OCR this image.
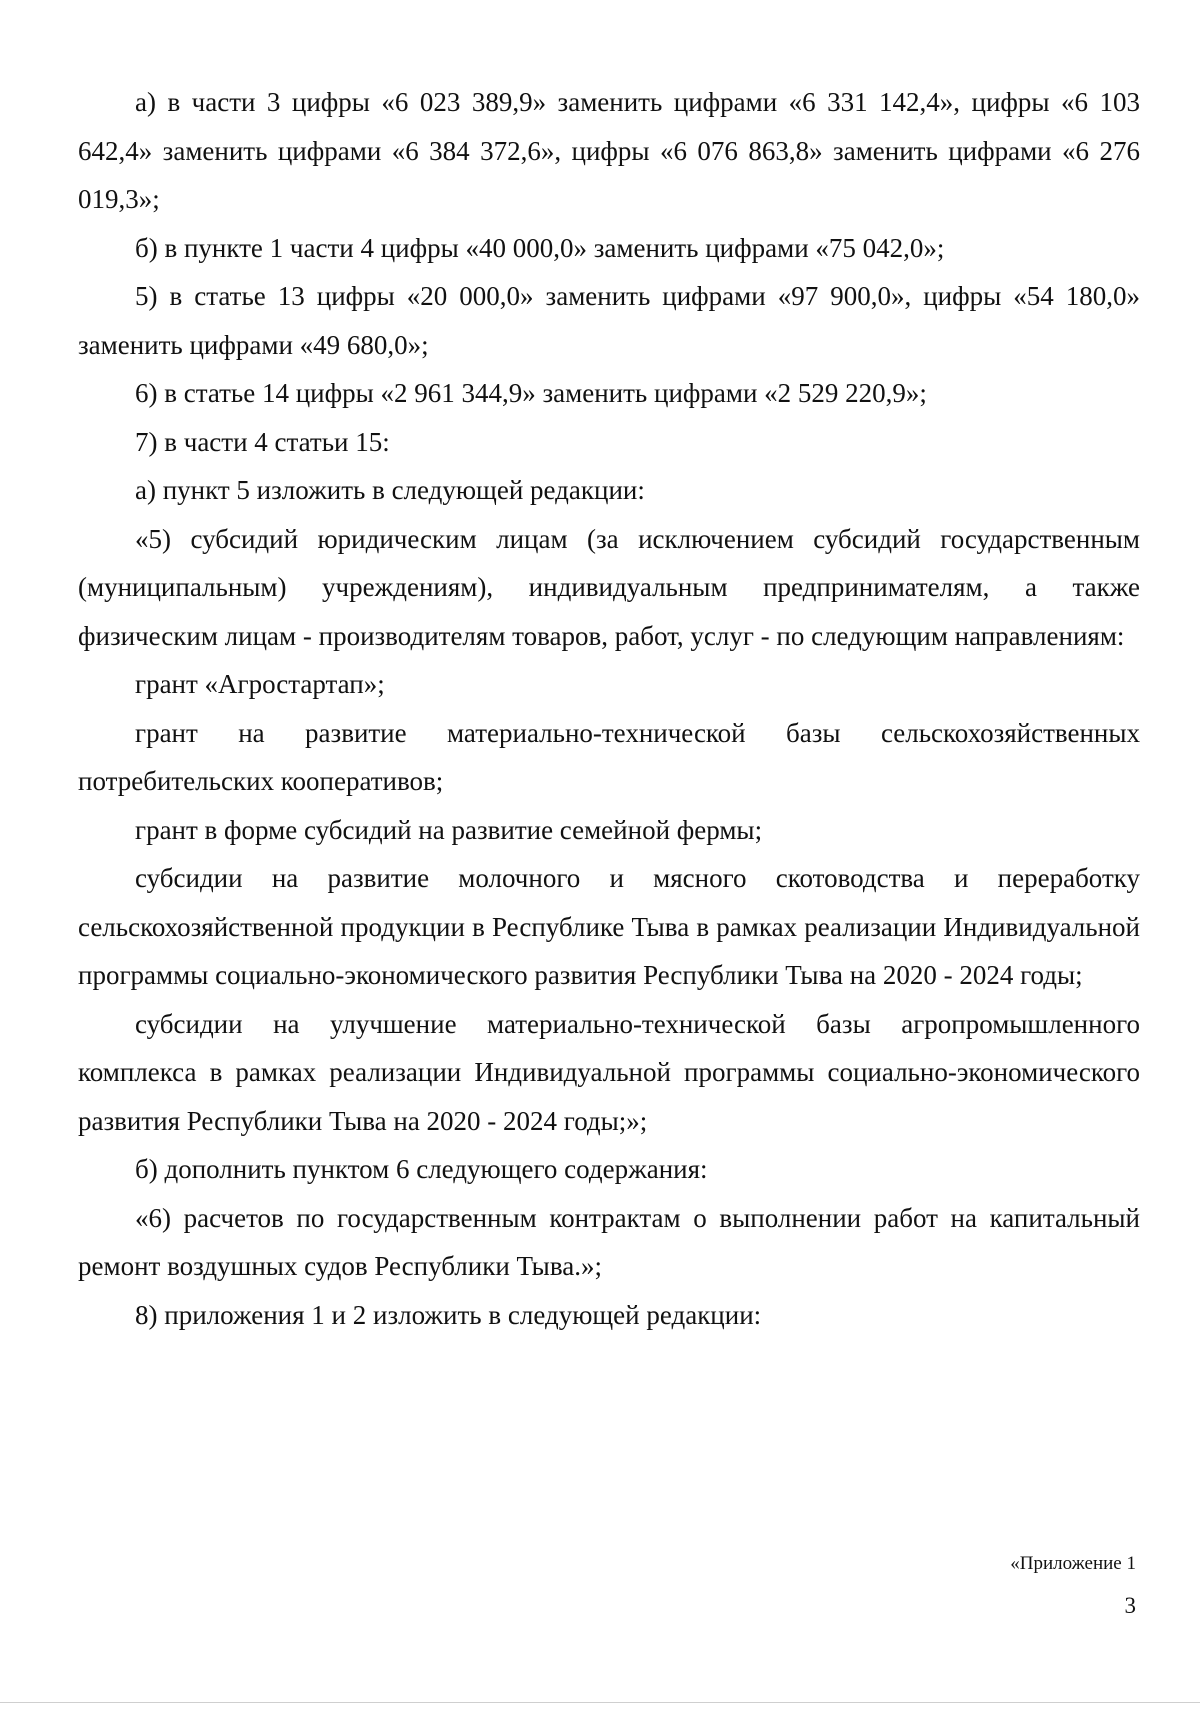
а) в части 3 цифры «6 023 389,9» заменить цифрами «6 331 142,4», цифры «6 103 642,4» заменить цифрами «6 384 372,6», цифры «6 076 863,8» заменить цифрами «6 276 019,3»;

б) в пункте 1 части 4 цифры «40 000,0» заменить цифрами «75 042,0»;

5) в статье 13 цифры «20 000,0» заменить цифрами «97 900,0», цифры «54 180,0» заменить цифрами «49 680,0»;

6) в статье 14 цифры «2 961 344,9» заменить цифрами «2 529 220,9»;

7) в части 4 статьи 15:

а) пункт 5 изложить в следующей редакции:

«5) субсидий юридическим лицам (за исключением субсидий государственным (муниципальным) учреждениям), индивидуальным предпринимателям, а также физическим лицам - производителям товаров, работ, услуг - по следующим направлениям:

грант «Агростартап»;

грант на развитие материально-технической базы сельскохозяйственных потребительских кооперативов;

грант в форме субсидий на развитие семейной фермы;

субсидии на развитие молочного и мясного скотоводства и переработку сельскохозяйственной продукции в Республике Тыва в рамках реализации Индивидуальной программы социально-экономического развития Республики Тыва на 2020 - 2024 годы;

субсидии на улучшение материально-технической базы агропромышленного комплекса в рамках реализации Индивидуальной программы социально-экономического развития Республики Тыва на 2020 - 2024 годы;»;

б) дополнить пунктом 6 следующего содержания:

«6) расчетов по государственным контрактам о выполнении работ на капитальный ремонт воздушных судов Республики Тыва.»;

8) приложения 1 и 2 изложить в следующей редакции:

«Приложение 1
3
